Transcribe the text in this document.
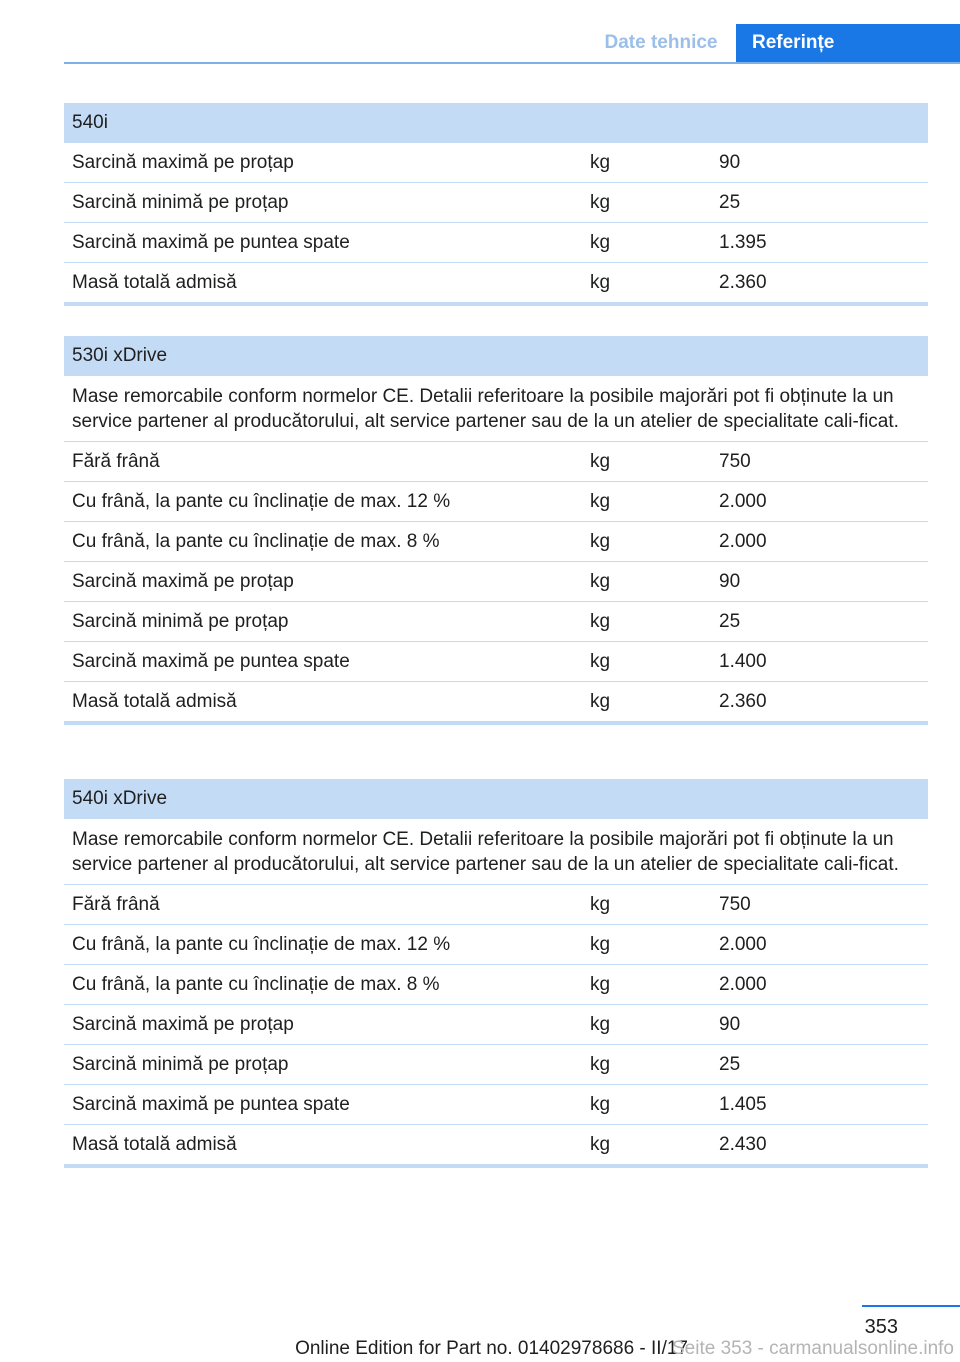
Date tehnice	Referințe
540i
Sarcină maximă pe proțap	kg	90
Sarcină minimă pe proțap	kg	25
Sarcină maximă pe puntea spate	kg	1.395
Masă totală admisă	kg	2.360
530i xDrive
Mase remorcabile conform normelor CE. Detalii referitoare la posibile majorări pot fi obținute la un service partener al producătorului, alt service partener sau de la un atelier de specialitate cali‐ficat.
Fără frână	kg	750
Cu frână, la pante cu înclinație de max. 12 %	kg	2.000
Cu frână, la pante cu înclinație de max. 8 %	kg	2.000
Sarcină maximă pe proțap	kg	90
Sarcină minimă pe proțap	kg	25
Sarcină maximă pe puntea spate	kg	1.400
Masă totală admisă	kg	2.360
540i xDrive
Mase remorcabile conform normelor CE. Detalii referitoare la posibile majorări pot fi obținute la un service partener al producătorului, alt service partener sau de la un atelier de specialitate cali‐ficat.
Fără frână	kg	750
Cu frână, la pante cu înclinație de max. 12 %	kg	2.000
Cu frână, la pante cu înclinație de max. 8 %	kg	2.000
Sarcină maximă pe proțap	kg	90
Sarcină minimă pe proțap	kg	25
Sarcină maximă pe puntea spate	kg	1.405
Masă totală admisă	kg	2.430
353
Online Edition for Part no. 01402978686 - II/17
Seite 353 - carmanualsonline.info
